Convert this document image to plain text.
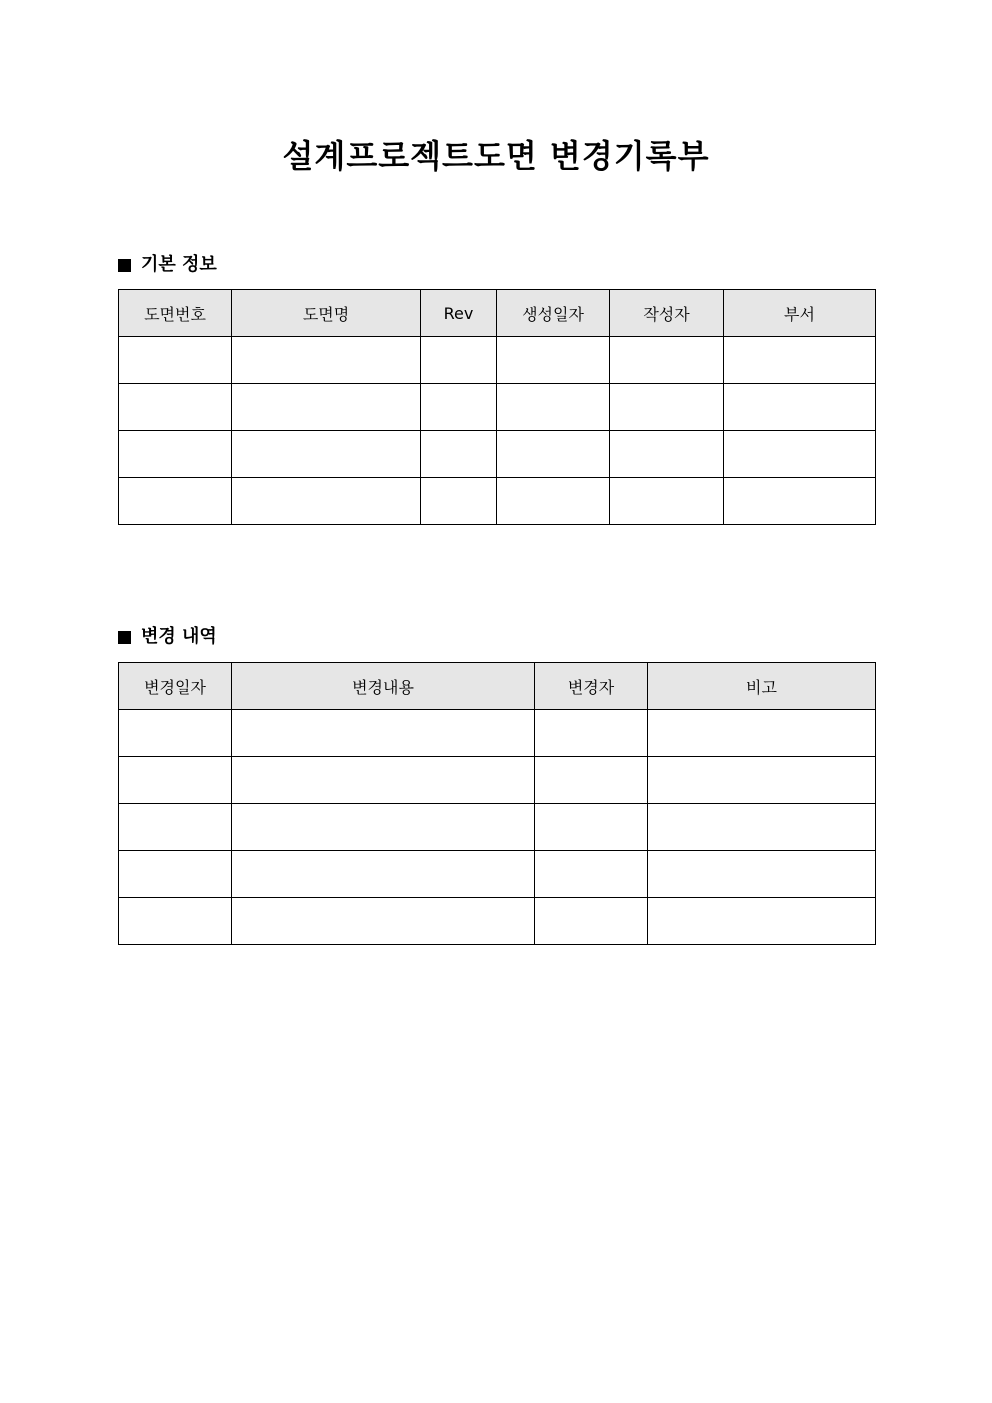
설계프로젝트도면 변경기록부
기본 정보
도면번호	도면명	Rev	생성일자	작성자	부서

변경 내역
변경일자	변경내용	변경자	비고
